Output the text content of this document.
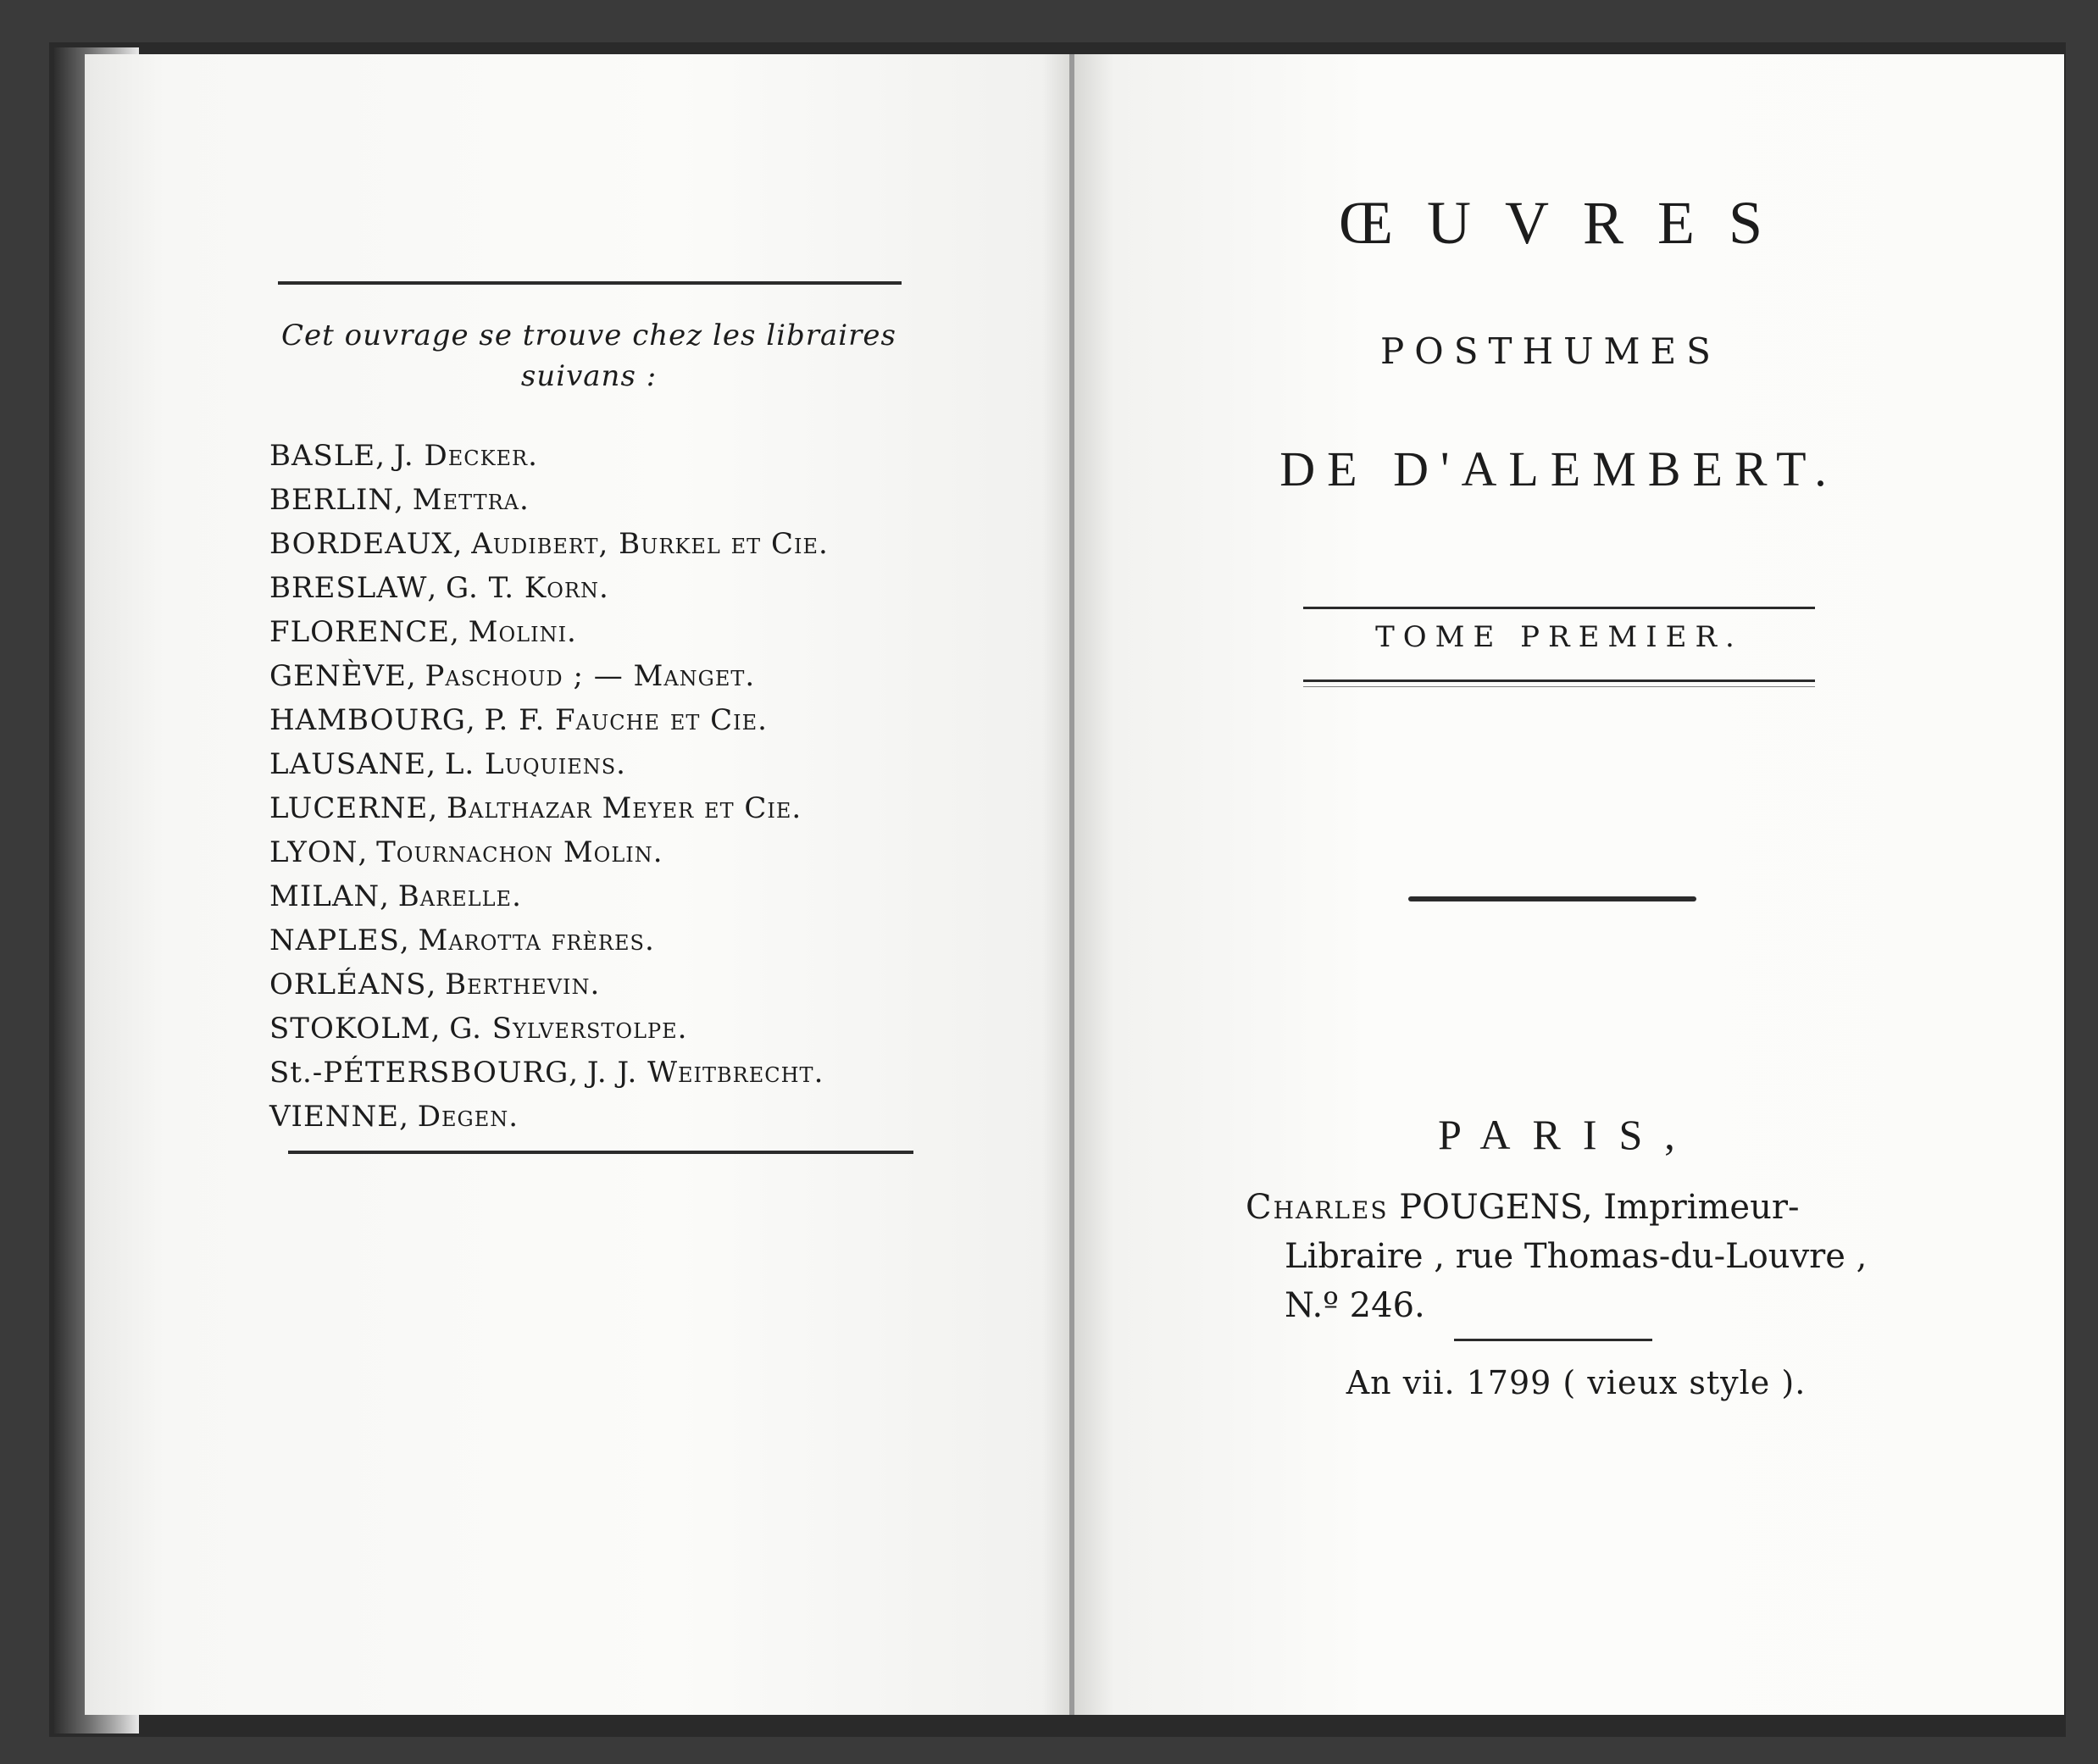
Cet ouvrage se trouve chez les libraires suivans :
BASLE, J. Decker.
BERLIN, Mettra.
BORDEAUX, Audibert, Burkel et Cie.
BRESLAW, G. T. Korn.
FLORENCE, Molini.
GENÈVE, Paschoud ; — Manget.
HAMBOURG, P. F. Fauche et Cie.
LAUSANE, L. Luquiens.
LUCERNE, Balthazar Meyer et Cie.
LYON, Tournachon Molin.
MILAN, Barelle.
NAPLES, Marotta frères.
ORLÉANS, Berthevin.
STOKOLM, G. Sylverstolpe.
St.-PÉTERSBOURG, J. J. Weitbrecht.
VIENNE, Degen.
ŒUVRES
POSTHUMES
DE D'ALEMBERT.
TOME PREMIER.
PARIS,
Charles POUGENS, Imprimeur-
Libraire , rue Thomas-du-Louvre ,
N.º 246.
An vii. 1799 ( vieux style ).
